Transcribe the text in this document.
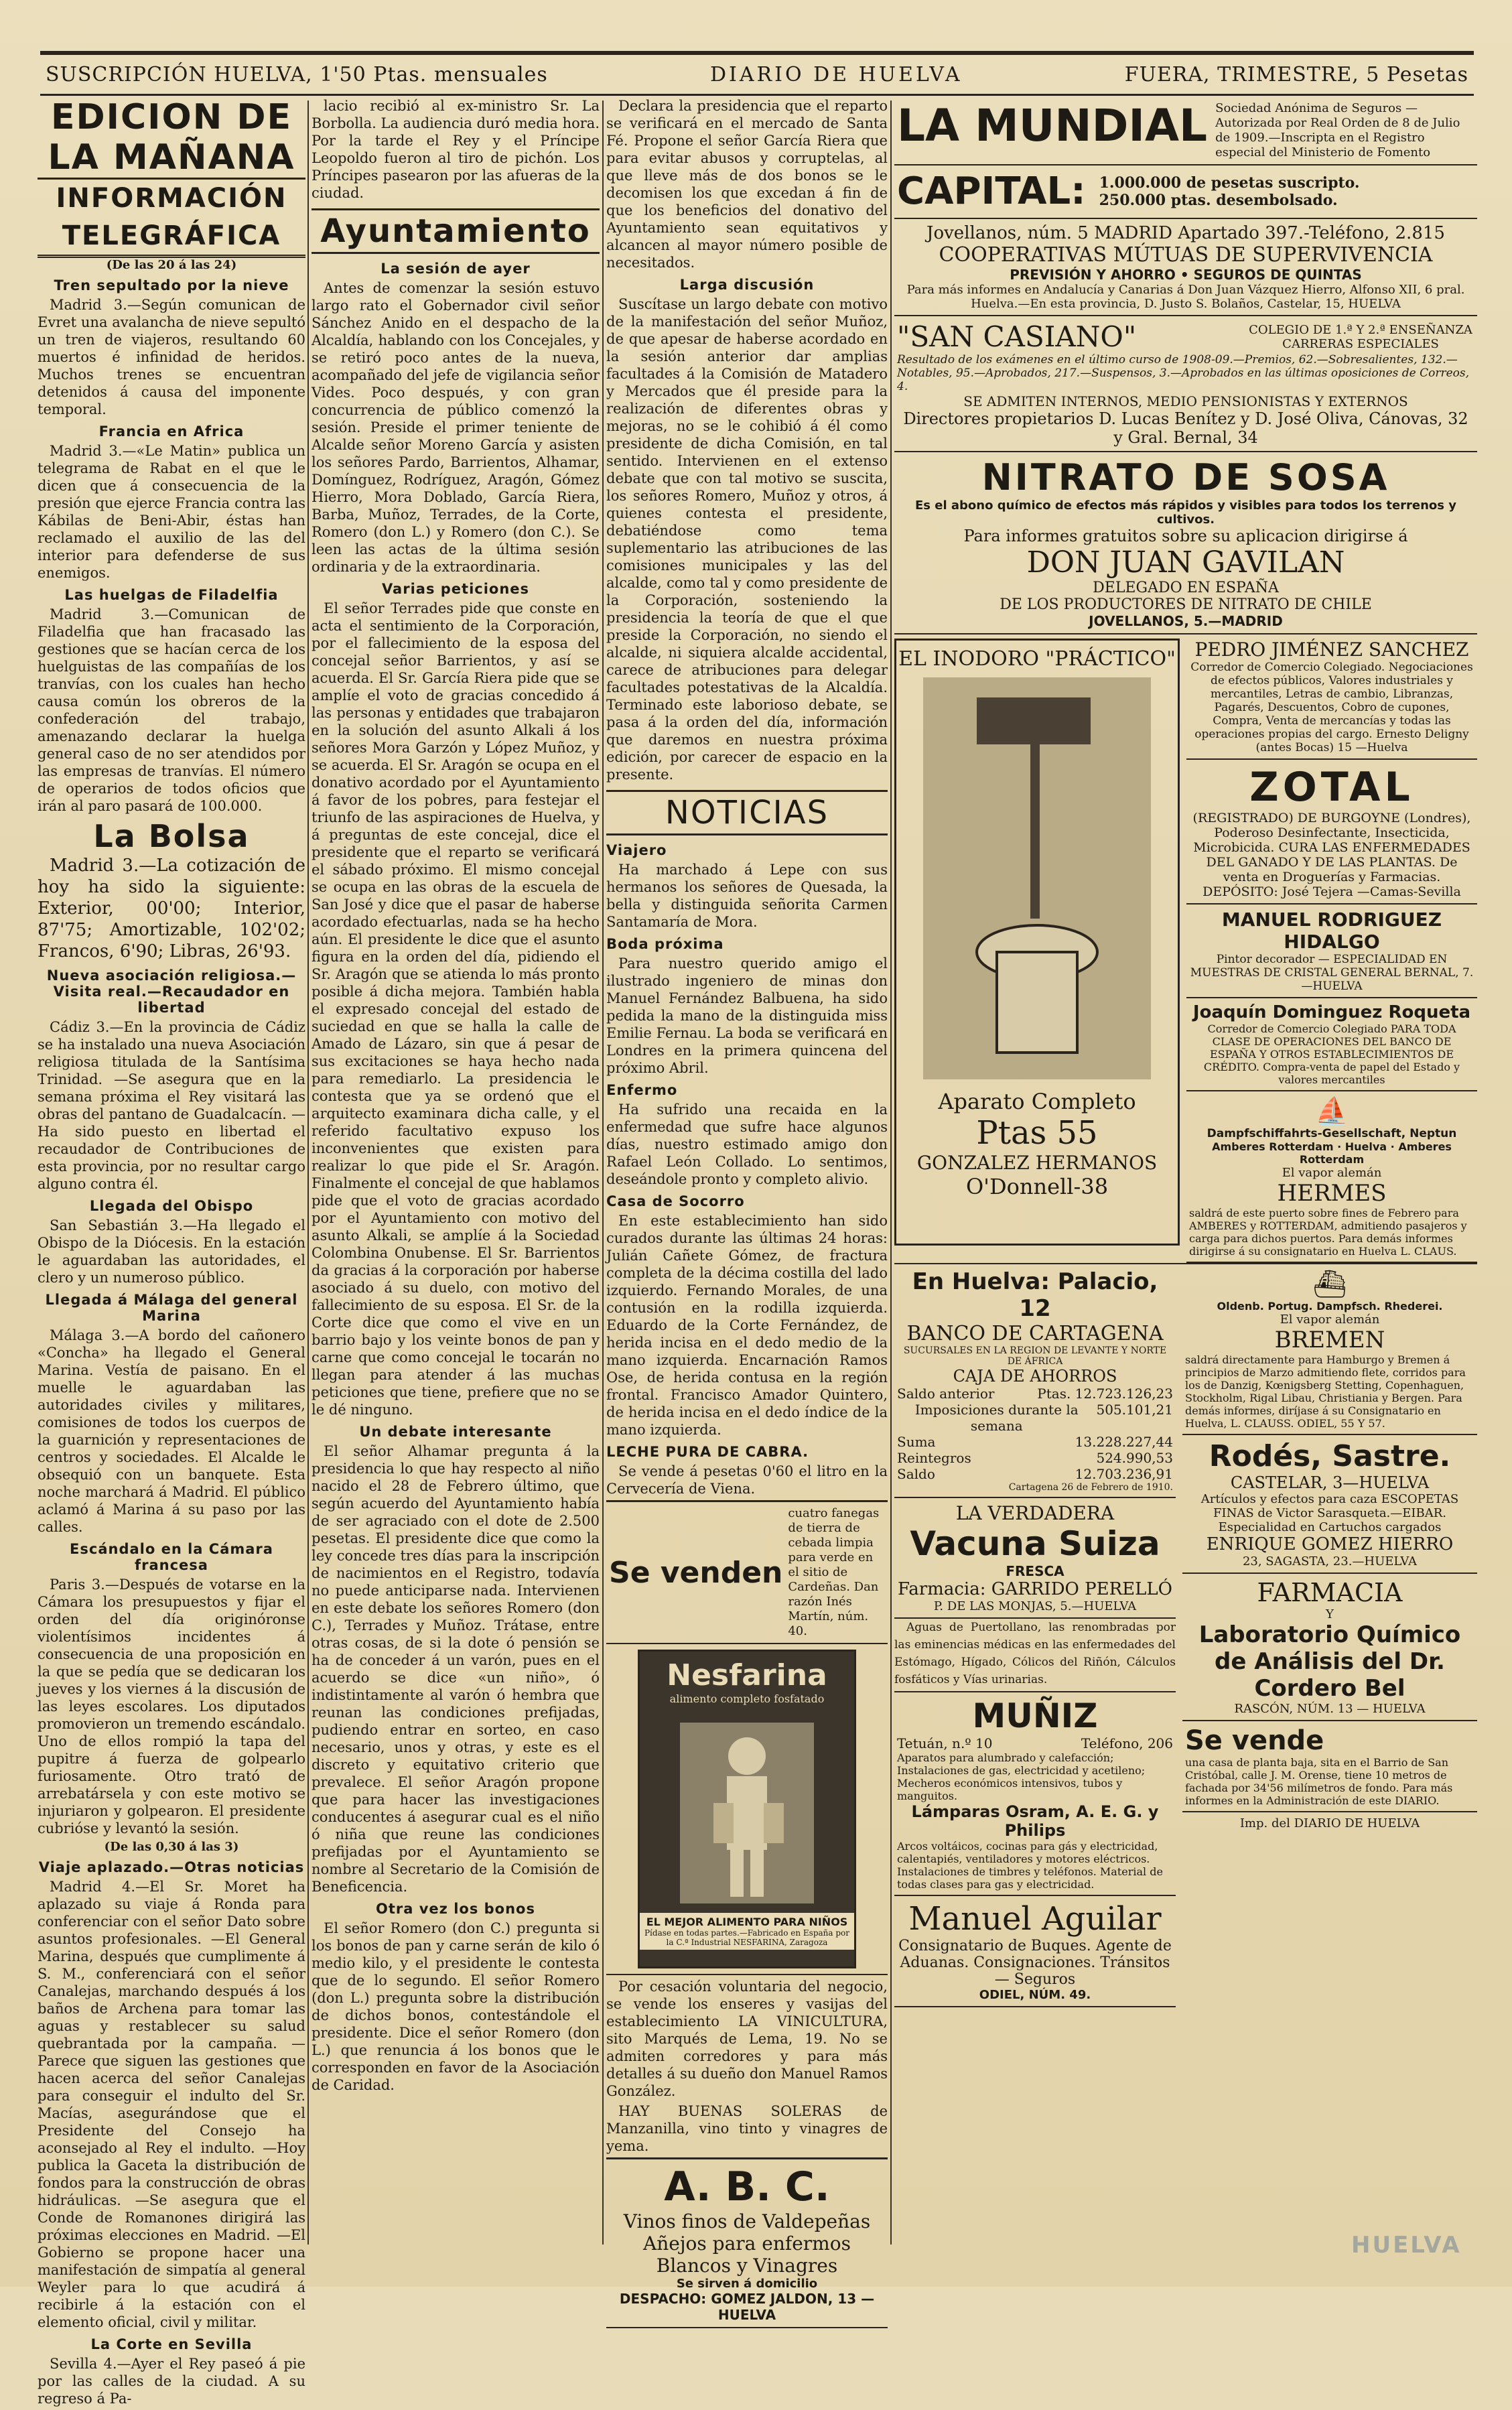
SUSCRIPCIÓN HUELVA, 1'50 Ptas. mensuales	DIARIO DE HUELVA	FUERA, TRIMESTRE, 5 Pesetas
EDICION DE LA MAÑANA
INFORMACIÓN TELEGRÁFICA
(De las 20 á las 24)
Tren sepultado por la nieve

Madrid 3.—Según comunican de Evret una avalancha de nieve sepultó un tren de viajeros, resultando 60 muertos é infinidad de heridos. Muchos trenes se encuentran detenidos á causa del imponente temporal.

Francia en Africa

Madrid 3.—«Le Matin» publica un telegrama de Rabat en el que le dicen que á consecuencia de la presión que ejerce Francia contra las Kábilas de Beni-Abir, éstas han reclamado el auxilio de las del interior para defenderse de sus enemigos.

Las huelgas de Filadelfia

Madrid 3.—Comunican de Filadelfia que han fracasado las gestiones que se hacían cerca de los huelguistas de las compañías de los tranvías, con los cuales han hecho causa común los obreros de la confederación del trabajo, amenazando declarar la huelga general caso de no ser atendidos por las empresas de tranvías. El número de operarios de todos oficios que irán al paro pasará de 100.000.

La Bolsa

Madrid 3.—La cotización de hoy ha sido la siguiente: Exterior, 00'00; Interior, 87'75; Amortizable, 102'02; Francos, 6'90; Libras, 26'93.

Nueva asociación religiosa.—Visita real.—Recaudador en libertad

Cádiz 3.—En la provincia de Cádiz se ha instalado una nueva Asociación religiosa titulada de la Santísima Trinidad. —Se asegura que en la semana próxima el Rey visitará las obras del pantano de Guadalcacín. —Ha sido puesto en libertad el recaudador de Contribuciones de esta provincia, por no resultar cargo alguno contra él.

Llegada del Obispo

San Sebastián 3.—Ha llegado el Obispo de la Diócesis. En la estación le aguardaban las autoridades, el clero y un numeroso público.

Llegada á Málaga del general Marina

Málaga 3.—A bordo del cañonero «Concha» ha llegado el General Marina. Vestía de paisano. En el muelle le aguardaban las autoridades civiles y militares, comisiones de todos los cuerpos de la guarnición y representaciones de centros y sociedades. El Alcalde le obsequió con un banquete. Esta noche marchará á Madrid. El público aclamó á Marina á su paso por las calles.

Escándalo en la Cámara francesa

Paris 3.—Después de votarse en la Cámara los presupuestos y fijar el orden del día originóronse violentísimos incidentes á consecuencia de una proposición en la que se pedía que se dedicaran los jueves y los viernes á la discusión de las leyes escolares. Los diputados promovieron un tremendo escándalo. Uno de ellos rompió la tapa del pupitre á fuerza de golpearlo furiosamente. Otro trató de arrebatársela y con este motivo se injuriaron y golpearon. El presidente cubrióse y levantó la sesión.

(De las 0,30 á las 3)
Viaje aplazado.—Otras noticias

Madrid 4.—El Sr. Moret ha aplazado su viaje á Ronda para conferenciar con el señor Dato sobre asuntos profesionales. —El General Marina, después que cumplimente á S. M., conferenciará con el señor Canalejas, marchando después á los baños de Archena para tomar las aguas y restablecer su salud quebrantada por la campaña. —Parece que siguen las gestiones que hacen acerca del señor Canalejas para conseguir el indulto del Sr. Macías, asegurándose que el Presidente del Consejo ha aconsejado al Rey el indulto. —Hoy publica la Gaceta la distribución de fondos para la construcción de obras hidráulicas. —Se asegura que el Conde de Romanones dirigirá las próximas elecciones en Madrid. —El Gobierno se propone hacer una manifestación de simpatía al general Weyler para lo que acudirá á recibirle á la estación con el elemento oficial, civil y militar.

La Corte en Sevilla

Sevilla 4.—Ayer el Rey paseó á pie por las calles de la ciudad. A su regreso á Pa-

lacio recibió al ex-ministro Sr. La Borbolla. La audiencia duró media hora. Por la tarde el Rey y el Príncipe Leopoldo fueron al tiro de pichón. Los Príncipes pasearon por las afueras de la ciudad.

Ayuntamiento
La sesión de ayer

Antes de comenzar la sesión estuvo largo rato el Gobernador civil señor Sánchez Anido en el despacho de la Alcaldía, hablando con los Concejales, y se retiró poco antes de la nueva, acompañado del jefe de vigilancia señor Vides. Poco después, y con gran concurrencia de público comenzó la sesión. Preside el primer teniente de Alcalde señor Moreno García y asisten los señores Pardo, Barrientos, Alhamar, Domínguez, Rodríguez, Aragón, Gómez Hierro, Mora Doblado, García Riera, Barba, Muñoz, Terrades, de la Corte, Romero (don L.) y Romero (don C.). Se leen las actas de la última sesión ordinaria y de la extraordinaria.

Varias peticiones

El señor Terrades pide que conste en acta el sentimiento de la Corporación, por el fallecimiento de la esposa del concejal señor Barrientos, y así se acuerda. El Sr. García Riera pide que se amplíe el voto de gracias concedido á las personas y entidades que trabajaron en la solución del asunto Alkali á los señores Mora Garzón y López Muñoz, y se acuerda. El Sr. Aragón se ocupa en el donativo acordado por el Ayuntamiento á favor de los pobres, para festejar el triunfo de las aspiraciones de Huelva, y á preguntas de este concejal, dice el presidente que el reparto se verificará el sábado próximo. El mismo concejal se ocupa en las obras de la escuela de San José y dice que el pasar de haberse acordado efectuarlas, nada se ha hecho aún. El presidente le dice que el asunto figura en la orden del día, pidiendo el Sr. Aragón que se atienda lo más pronto posible á dicha mejora. También habla el expresado concejal del estado de suciedad en que se halla la calle de Amado de Lázaro, sin que á pesar de sus excitaciones se haya hecho nada para remediarlo. La presidencia le contesta que ya se ordenó que el arquitecto examinara dicha calle, y el referido facultativo expuso los inconvenientes que existen para realizar lo que pide el Sr. Aragón. Finalmente el concejal de que hablamos pide que el voto de gracias acordado por el Ayuntamiento con motivo del asunto Alkali, se amplíe á la Sociedad Colombina Onubense. El Sr. Barrientos da gracias á la corporación por haberse asociado á su duelo, con motivo del fallecimiento de su esposa. El Sr. de la Corte dice que como el vive en un barrio bajo y los veinte bonos de pan y carne que como concejal le tocarán no llegan para atender á las muchas peticiones que tiene, prefiere que no se le dé ninguno.

Un debate interesante

El señor Alhamar pregunta á la presidencia lo que hay respecto al niño nacido el 28 de Febrero último, que según acuerdo del Ayuntamiento había de ser agraciado con el dote de 2.500 pesetas. El presidente dice que como la ley concede tres días para la inscripción de nacimientos en el Registro, todavía no puede anticiparse nada. Intervienen en este debate los señores Romero (don C.), Terrades y Muñoz. Trátase, entre otras cosas, de si la dote ó pensión se ha de conceder á un varón, pues en el acuerdo se dice «un niño», ó indistintamente al varón ó hembra que reunan las condiciones prefijadas, pudiendo entrar en sorteo, en caso necesario, unos y otras, y este es el discreto y equitativo criterio que prevalece. El señor Aragón propone que para hacer las investigaciones conducentes á asegurar cual es el niño ó niña que reune las condiciones prefijadas por el Ayuntamiento se nombre al Secretario de la Comisión de Beneficencia.

Otra vez los bonos

El señor Romero (don C.) pregunta si los bonos de pan y carne serán de kilo ó medio kilo, y el presidente le contesta que de lo segundo. El señor Romero (don L.) pregunta sobre la distribución de dichos bonos, contestándole el presidente. Dice el señor Romero (don L.) que renuncia á los bonos que le corresponden en favor de la Asociación de Caridad.

Declara la presidencia que el reparto se verificará en el mercado de Santa Fé. Propone el señor García Riera que para evitar abusos y corruptelas, al que lleve más de dos bonos se le decomisen los que excedan á fin de que los beneficios del donativo del Ayuntamiento sean equitativos y alcancen al mayor número posible de necesitados.

Larga discusión

Suscítase un largo debate con motivo de la manifestación del señor Muñoz, de que apesar de haberse acordado en la sesión anterior dar amplias facultades á la Comisión de Matadero y Mercados que él preside para la realización de diferentes obras y mejoras, no se le cohibió á él como presidente de dicha Comisión, en tal sentido. Intervienen en el extenso debate que con tal motivo se suscita, los señores Romero, Muñoz y otros, á quienes contesta el presidente, debatiéndose como tema suplementario las atribuciones de las comisiones municipales y las del alcalde, como tal y como presidente de la Corporación, sosteniendo la presidencia la teoría de que el que preside la Corporación, no siendo el alcalde, ni siquiera alcalde accidental, carece de atribuciones para delegar facultades potestativas de la Alcaldía. Terminado este laborioso debate, se pasa á la orden del día, información que daremos en nuestra próxima edición, por carecer de espacio en la presente.

NOTICIAS
Viajero

Ha marchado á Lepe con sus hermanos los señores de Quesada, la bella y distinguida señorita Carmen Santamaría de Mora.

Boda próxima

Para nuestro querido amigo el ilustrado ingeniero de minas don Manuel Fernández Balbuena, ha sido pedida la mano de la distinguida miss Emilie Fernau. La boda se verificará en Londres en la primera quincena del próximo Abril.

Enfermo

Ha sufrido una recaida en la enfermedad que sufre hace algunos días, nuestro estimado amigo don Rafael León Collado. Lo sentimos, deseándole pronto y completo alivio.

Casa de Socorro

En este establecimiento han sido curados durante las últimas 24 horas: Julián Cañete Gómez, de fractura completa de la décima costilla del lado izquierdo. Fernando Morales, de una contusión en la rodilla izquierda. Eduardo de la Corte Fernández, de herida incisa en el dedo medio de la mano izquierda. Encarnación Ramos Ose, de herida contusa en la región frontal. Francisco Amador Quintero, de herida incisa en el dedo índice de la mano izquierda.

LECHE PURA DE CABRA.

Se vende á pesetas 0'60 el litro en la Cervecería de Viena.

Se venden
cuatro fanegas de tierra de cebada limpia para verde en el sitio de Cardeñas. Dan razón Inés Martín, núm. 40.
Nesfarina
alimento completo fosfatado
EL MEJOR ALIMENTO PARA NIÑOS
Pídase en todas partes.—Fabricado en España por la C.ª Industrial NESFARINA, Zaragoza

Por cesación voluntaria del negocio, se vende los enseres y vasijas del establecimiento LA VINICULTURA, sito Marqués de Lema, 19. No se admiten corredores y para más detalles á su dueño don Manuel Ramos González.

HAY BUENAS SOLERAS de Manzanilla, vino tinto y vinagres de yema.

A. B. C.
Vinos finos de Valdepeñas
Añejos para enfermos
Blancos y Vinagres
Se sirven á domicilio
DESPACHO: GOMEZ JALDON, 13 — HUELVA
LA MUNDIAL Sociedad Anónima de Seguros — Autorizada por Real Orden de 8 de Julio de 1909.—Inscripta en el Registro especial del Ministerio de Fomento
CAPITAL: 1.000.000 de pesetas suscripto.
250.000 ptas. desembolsado.
Jovellanos, núm. 5 MADRID Apartado 397.-Teléfono, 2.815
COOPERATIVAS MÚTUAS DE SUPERVIVENCIA
PREVISIÓN Y AHORRO • SEGUROS DE QUINTAS
Para más informes en Andalucía y Canarias á Don Juan Vázquez Hierro, Alfonso XII, 6 pral. Huelva.—En esta provincia, D. Justo S. Bolaños, Castelar, 15, HUELVA
"SAN CASIANO"	COLEGIO DE 1.ª Y 2.ª ENSEÑANZA CARRERAS ESPECIALES
Resultado de los exámenes en el último curso de 1908-09.—Premios, 62.—Sobresalientes, 132.—Notables, 95.—Aprobados, 217.—Suspensos, 3.—Aprobados en las últimas oposiciones de Correos, 4.
SE ADMITEN INTERNOS, MEDIO PENSIONISTAS Y EXTERNOS
Directores propietarios D. Lucas Benítez y D. José Oliva, Cánovas, 32 y Gral. Bernal, 34
NITRATO DE SOSA
Es el abono químico de efectos más rápidos y visibles para todos los terrenos y cultivos.
Para informes gratuitos sobre su aplicacion dirigirse á
DON JUAN GAVILAN
DELEGADO EN ESPAÑA
DE LOS PRODUCTORES DE NITRATO DE CHILE
JOVELLANOS, 5.—MADRID
EL INODORO "PRÁCTICO"
Aparato Completo
Ptas 55
GONZALEZ HERMANOS
O'Donnell-38
PEDRO JIMÉNEZ SANCHEZ
Corredor de Comercio Colegiado. Negociaciones de efectos públicos, Valores industriales y mercantiles, Letras de cambio, Libranzas, Pagarés, Descuentos, Cobro de cupones, Compra, Venta de mercancías y todas las operaciones propias del cargo. Ernesto Deligny (antes Bocas) 15 —Huelva
ZOTAL
(REGISTRADO) DE BURGOYNE (Londres), Poderoso Desinfectante, Insecticida, Microbicida. CURA LAS ENFERMEDADES DEL GANADO Y DE LAS PLANTAS. De venta en Droguerías y Farmacias. DEPÓSITO: José Tejera —Camas-Sevilla
MANUEL RODRIGUEZ HIDALGO
Pintor decorador — ESPECIALIDAD EN MUESTRAS DE CRISTAL GENERAL BERNAL, 7.—HUELVA
Joaquín Dominguez Roqueta
Corredor de Comercio Colegiado PARA TODA CLASE DE OPERACIONES DEL BANCO DE ESPAÑA Y OTROS ESTABLECIMIENTOS DE CRÉDITO. Compra-venta de papel del Estado y valores mercantiles
⛵
Dampfschiffahrts-Gesellschaft, Neptun
Amberes Rotterdam · Huelva · Amberes Rotterdam
El vapor alemán
HERMES
saldrá de este puerto sobre fines de Febrero para AMBERES y ROTTERDAM, admitiendo pasajeros y carga para dichos puertos. Para demás informes dirigirse á su consignatario en Huelva L. CLAUS.
En Huelva: Palacio, 12
BANCO DE CARTAGENA
SUCURSALES EN LA REGION DE LEVANTE Y NORTE DE ÁFRICA
CAJA DE AHORROS
Saldo anterior	Ptas. 12.723.126,23
Imposiciones durante la semana
505.101,21
Suma	13.228.227,44
Reintegros	524.990,53
Saldo	12.703.236,91
Cartagena 26 de Febrero de 1910.
LA VERDADERA
Vacuna Suiza
FRESCA
Farmacia: GARRIDO PERELLÓ
P. DE LAS MONJAS, 5.—HUELVA

Aguas de Puertollano, las renombradas por las eminencias médicas en las enfermedades del Estómago, Hígado, Cólicos del Riñón, Cálculos fosfáticos y Vías urinarias.

MUÑIZ
Tetuán, n.º 10	Teléfono, 206
Aparatos para alumbrado y calefacción; Instalaciones de gas, electricidad y acetileno; Mecheros económicos intensivos, tubos y manguitos.
Lámparas Osram, A. E. G. y Philips
Arcos voltáicos, cocinas para gás y electricidad, calentapiés, ventiladores y motores eléctricos. Instalaciones de timbres y teléfonos. Material de todas clases para gas y electricidad.
Manuel Aguilar
Consignatario de Buques. Agente de Aduanas. Consignaciones. Tránsitos — Seguros
ODIEL, NÚM. 49.
⛴
Oldenb. Portug. Dampfsch. Rhederei.
El vapor alemán
BREMEN
saldrá directamente para Hamburgo y Bremen á principios de Marzo admitiendo flete, corridos para los de Danzig, Kœnigsberg Stetting, Copenhaguen, Stockholm, Rigal Libau, Christiania y Bergen. Para demás informes, diríjase á su Consignatario en Huelva, L. CLAUSS. ODIEL, 55 Y 57.
Rodés, Sastre.
CASTELAR, 3—HUELVA
Artículos y efectos para caza ESCOPETAS FINAS de Victor Sarasqueta.—EIBAR. Especialidad en Cartuchos cargados
ENRIQUE GOMEZ HIERRO
23, SAGASTA, 23.—HUELVA
FARMACIA
Y
Laboratorio Químico de Análisis del Dr. Cordero Bel
RASCÓN, NÚM. 13 — HUELVA
Se vende
una casa de planta baja, sita en el Barrio de San Cristóbal, calle J. M. Orense, tiene 10 metros de fachada por 34'56 milímetros de fondo. Para más informes en la Administración de este DIARIO.
Imp. del DIARIO DE HUELVA
HUELVA
